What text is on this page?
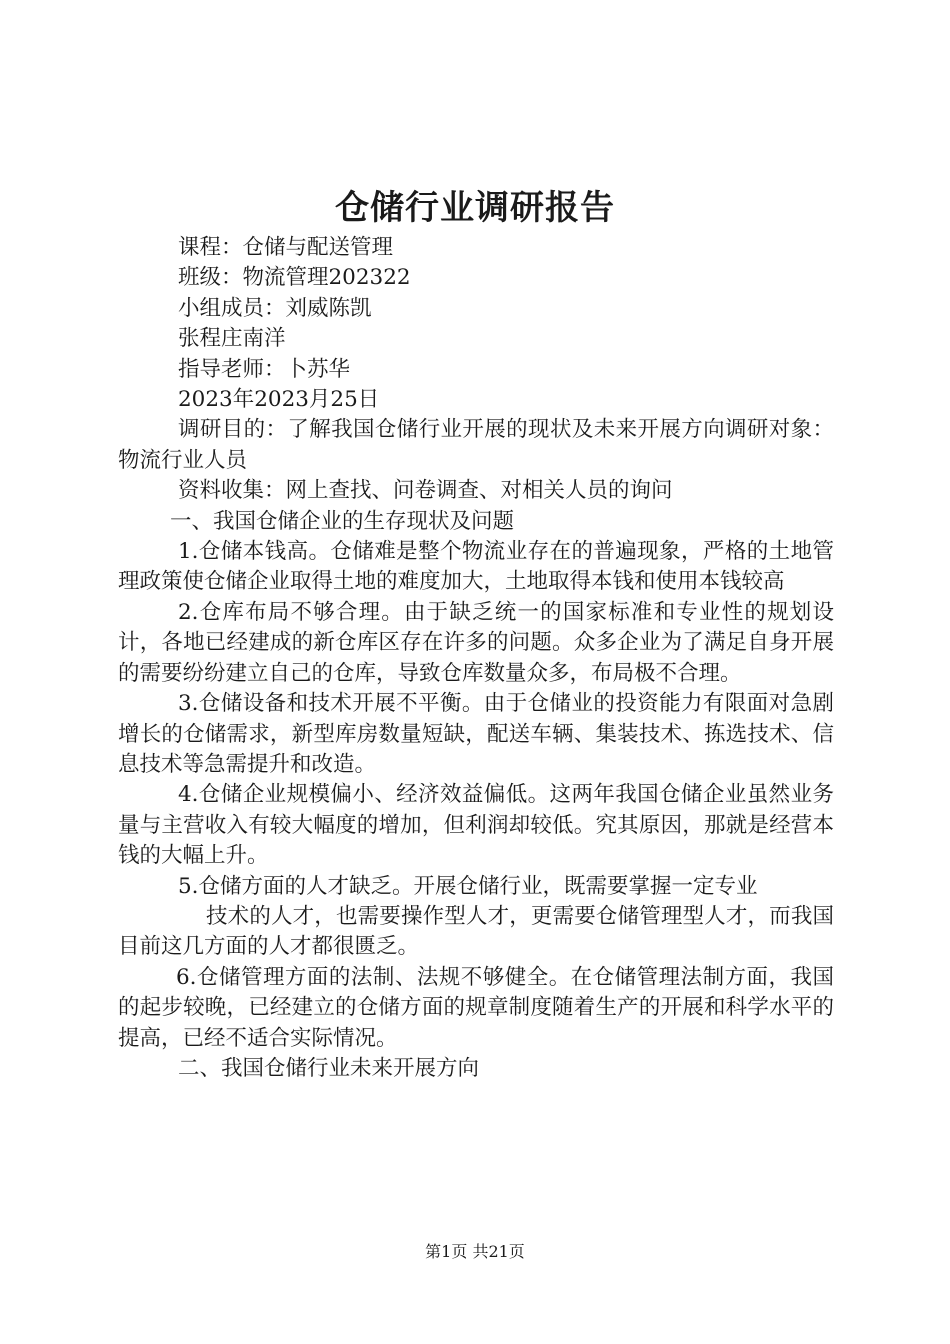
仓储行业调研报告

课程：仓储与配送管理

班级：物流管理202322

小组成员：刘威陈凯

张程庄南洋

指导老师：卜苏华

2023年2023月25日

调研目的：了解我国仓储行业开展的现状及未来开展方向调研对象：物流行业人员

资料收集：网上查找、问卷调查、对相关人员的询问

一、我国仓储企业的生存现状及问题

1.仓储本钱高。仓储难是整个物流业存在的普遍现象，严格的土地管理政策使仓储企业取得土地的难度加大，土地取得本钱和使用本钱较高

2.仓库布局不够合理。由于缺乏统一的国家标准和专业性的规划设计，各地已经建成的新仓库区存在许多的问题。众多企业为了满足自身开展的需要纷纷建立自己的仓库，导致仓库数量众多，布局极不合理。

3.仓储设备和技术开展不平衡。由于仓储业的投资能力有限面对急剧增长的仓储需求，新型库房数量短缺，配送车辆、集装技术、拣选技术、信息技术等急需提升和改造。

4.仓储企业规模偏小、经济效益偏低。这两年我国仓储企业虽然业务量与主营收入有较大幅度的增加，但利润却较低。究其原因，那就是经营本钱的大幅上升。

5.仓储方面的人才缺乏。开展仓储行业，既需要掌握一定专业

技术的人才，也需要操作型人才，更需要仓储管理型人才，而我国目前这几方面的人才都很匮乏。

6.仓储管理方面的法制、法规不够健全。在仓储管理法制方面，我国的起步较晚，已经建立的仓储方面的规章制度随着生产的开展和科学水平的提高，已经不适合实际情况。

二、我国仓储行业未来开展方向

第1页 共21页
